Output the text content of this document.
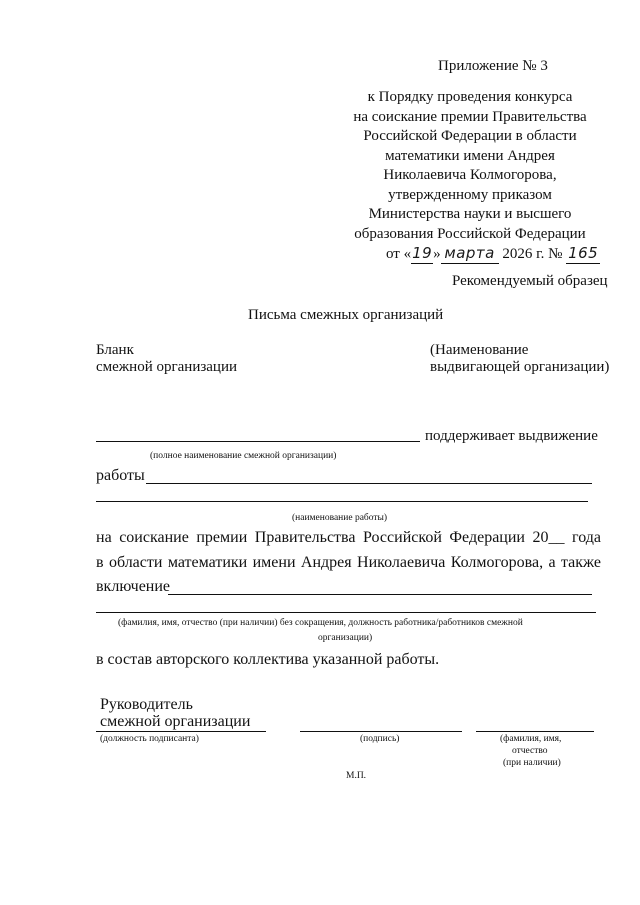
Приложение № 3
к Порядку проведения конкурса
на соискание премии Правительства
Российской Федерации в области
математики имени Андрея
Николаевича Колмогорова,
утвержденному приказом
Министерства науки и высшего
образования Российской Федерации
от «19» марта 2026 г. № 165
Рекомендуемый образец
Письма смежных организаций
Бланк
смежной организации
(Наименование
выдвигающей организации)
поддерживает выдвижение
(полное наименование смежной организации)
работы
(наименование работы)
на соискание премии Правительства Российской Федерации 20__ года
в области математики имени Андрея Николаевича Колмогорова, а также
включение
(фамилия, имя, отчество (при наличии) без сокращения, должность работника/работников смежной
организации)
в состав авторского коллектива указанной работы.
Руководитель
смежной организации
(должность подписанта)	(подпись)	(фамилия, имя,
отчество
(при наличии)
М.П.
